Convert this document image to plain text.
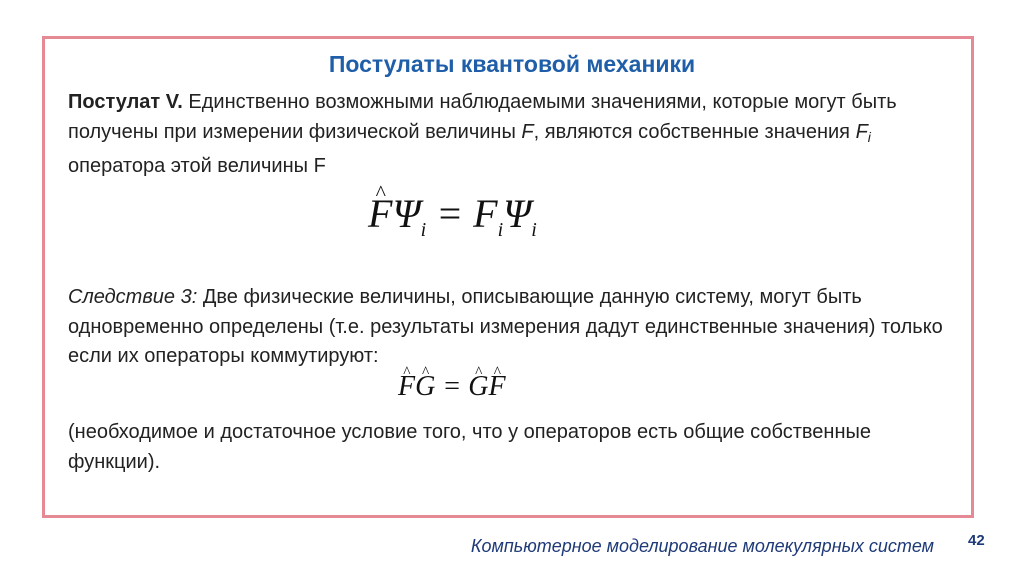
Постулаты квантовой механики
Постулат V. Единственно возможными наблюдаемыми значениями, которые могут быть получены при измерении физической величины F, являются собственные значения $F_i$ оператора этой величины F
^ $F\Psi_i = F_i\Psi_i$
Следствие 3: Две физические величины, описывающие данную систему, могут быть одновременно определены (т.е. результаты измерения дадут единственные значения) только если их операторы коммутируют:
^ F^ G = ^ G^ F
(необходимое и достаточное условие того, что у операторов есть общие собственные функции).
Компьютерное моделирование молекулярных систем 42
